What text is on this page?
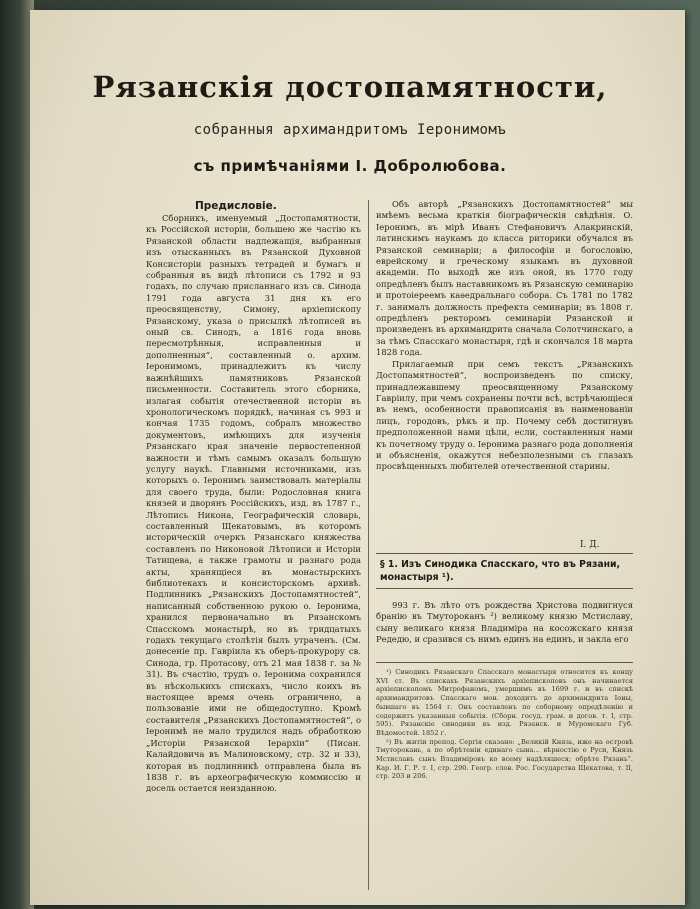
Рязанскія достопамятности,
собранныя архимандритомъ Іеронимомъ
съ примѣчаніями І. Добролюбова.
Предисловіе.

Сборникъ, именуемый „Достопамятности, къ Россійской исторіи, большею же частію къ Рязанской области надлежащія, выбранныя изъ отысканныхъ въ Рязанской Духовной Консисторіи разныхъ тетрадей и бумагъ и собранныя въ видѣ лѣтописи съ 1792 и 93 годахъ, по случаю присланнаго изъ св. Синода 1791 года августа 31 дня къ его преосвященству, Симону, архіепископу Рязанскому, указа о присылкѣ лѣтописей въ оный св. Синодъ, а 1816 года вновь пересмотрѣнныя, исправленныя и дополненныя“, составленный о. архим. Іеронимомъ, принадлежитъ къ числу важнѣйшихъ памятниковъ Рязанской письменности. Составитель этого сборника, излагая событія отечественной исторіи въ хронологическомъ порядкѣ, начиная съ 993 и кончая 1735 годомъ, собралъ множество документовъ, имѣющихъ для изученія Рязанскаго края значеніе первостепенной важности и тѣмъ самымъ оказалъ большую услугу наукѣ. Главными источниками, изъ которыхъ о. Іеронимъ заимствовалъ матеріалы для своего труда, были: Родословная книга князей и дворянъ Россійскихъ, изд. въ 1787 г., Лѣтопись Никона, Географическій словарь, составленный Щекатовымъ, въ которомъ историческій очеркъ Рязанскаго княжества составленъ по Никоновой Лѣтописи и Исторіи Татищева, а также грамоты и разнаго рода акты, хранящіеся въ монастырскихъ библиотекахъ и консисторскомъ архивѣ. Подлинникъ „Рязанскихъ Достопамятностей“, написанный собственною рукою о. Іеронима, хранился первоначально въ Рязанскомъ Спасскомъ монастырѣ, но въ тридцатыхъ годахъ текущаго столѣтія былъ утраченъ. (См. донесеніе пр. Гавріила къ оберъ-прокурору св. Синода, гр. Протасову, отъ 21 мая 1838 г. за № 31). Въ счастію, трудъ о. Іеронима сохранился въ нѣсколькихъ спискахъ, число коихъ въ настоящее время очень ограничено, а пользованіе ими не общедоступно. Кромѣ составителя „Рязанскихъ Достопамятностей“, о Іеронимѣ не мало трудился надъ обработкою „Исторіи Рязанской Іерархіи“ (Писан. Калайдовича въ Малиновскому, стр. 32 и 33), которая въ подлинникѣ отправлена была въ 1838 г. въ археографическую коммиссію и досель остается неизданною.

Объ авторѣ „Рязанскихъ Достопамятностей“ мы имѣемъ весьма краткія біографическія свѣдѣнія. О. Іеронимъ, въ мірѣ Иванъ Стефановичъ Алакринскій, латинскимъ наукамъ до класса риторики обучался въ Рязанской семинаріи; а философіи и богословію, еврейскому и греческому языкамъ въ духовной академіи. По выходѣ же изъ оной, въ 1770 году опредѣленъ былъ наставникомъ въ Рязанскую семинарію и протоіереемъ каѳедральнаго собора. Съ 1781 по 1782 г. занималъ должность префекта семинаріи; въ 1808 г. опредѣленъ ректоромъ семинаріи Рязанской и произведенъ въ архимандрита сначала Солотчинскаго, а за тѣмъ Спасскаго монастыря, гдѣ и скончался 18 марта 1828 года.

Прилагаемый при семъ текстъ „Рязанскихъ Достопамятностей“, воспроизведенъ по списку, принадлежавшему преосвященному Рязанскому Гавріилу, при чемъ сохранены почти всѣ, встрѣчающіеся въ немъ, особенности правописанія въ наименованіи лицъ, городовъ, рѣкъ и пр. Почему себѣ достигнувъ предположенной нами цѣли, если, составленныя нами къ почетному труду о. Іеронима разнаго рода дополненія и объясненія, окажутся небезполезными съ глазахъ просвѣщенныхъ любителей отечественной старины.

І. Д.
§ 1. Изъ Синодика Спасскаго, что въ Рязани, монастыря ¹).

993 г. Въ лѣто отъ рождества Христова подвигнуся бранію въ Тмутороканъ ²) великому князю Мстиславу, сыну великаго князя Владиміра на косожскаго князя Редедю, и сразився съ нимъ единъ на единъ, и закла его

¹) Синодикъ Рязанскаго Спасскаго монастыря относится къ концу XVI ст. Въ спискахъ Рязанскихъ архіепископовъ онъ начинается архіепископомъ Митрофаномъ, умершимъ въ 1699 г. и въ спискѣ архимандритовъ Спасскаго мон. доходитъ до архимандрита Іоны, бывшаго въ 1564 г. Онъ составленъ по соборному опредѣленію и содержитъ указанныя событія. (Сборн. госуд. грам. и догов. т. I, стр. 595). Рязанскіе синодики въ изд. Рязанск. и Муромскаго Губ. Вѣдомостей. 1852 г.

²) Въ житіи препод. Сергія сказано: „Великій Князь, иже на островѣ Тмуторокань, а по обрѣтеніи единаго сына… вѣрностію о Руси, Князь Мстиславъ сынъ Владиміровъ ко всему надѣляшеся; обрѣте Рязань“. Кар. И. Г. Р. т. I, стр. 290. Геогр. слов. Рос. Государства Щекатова, т. II, стр. 203 и 206.
